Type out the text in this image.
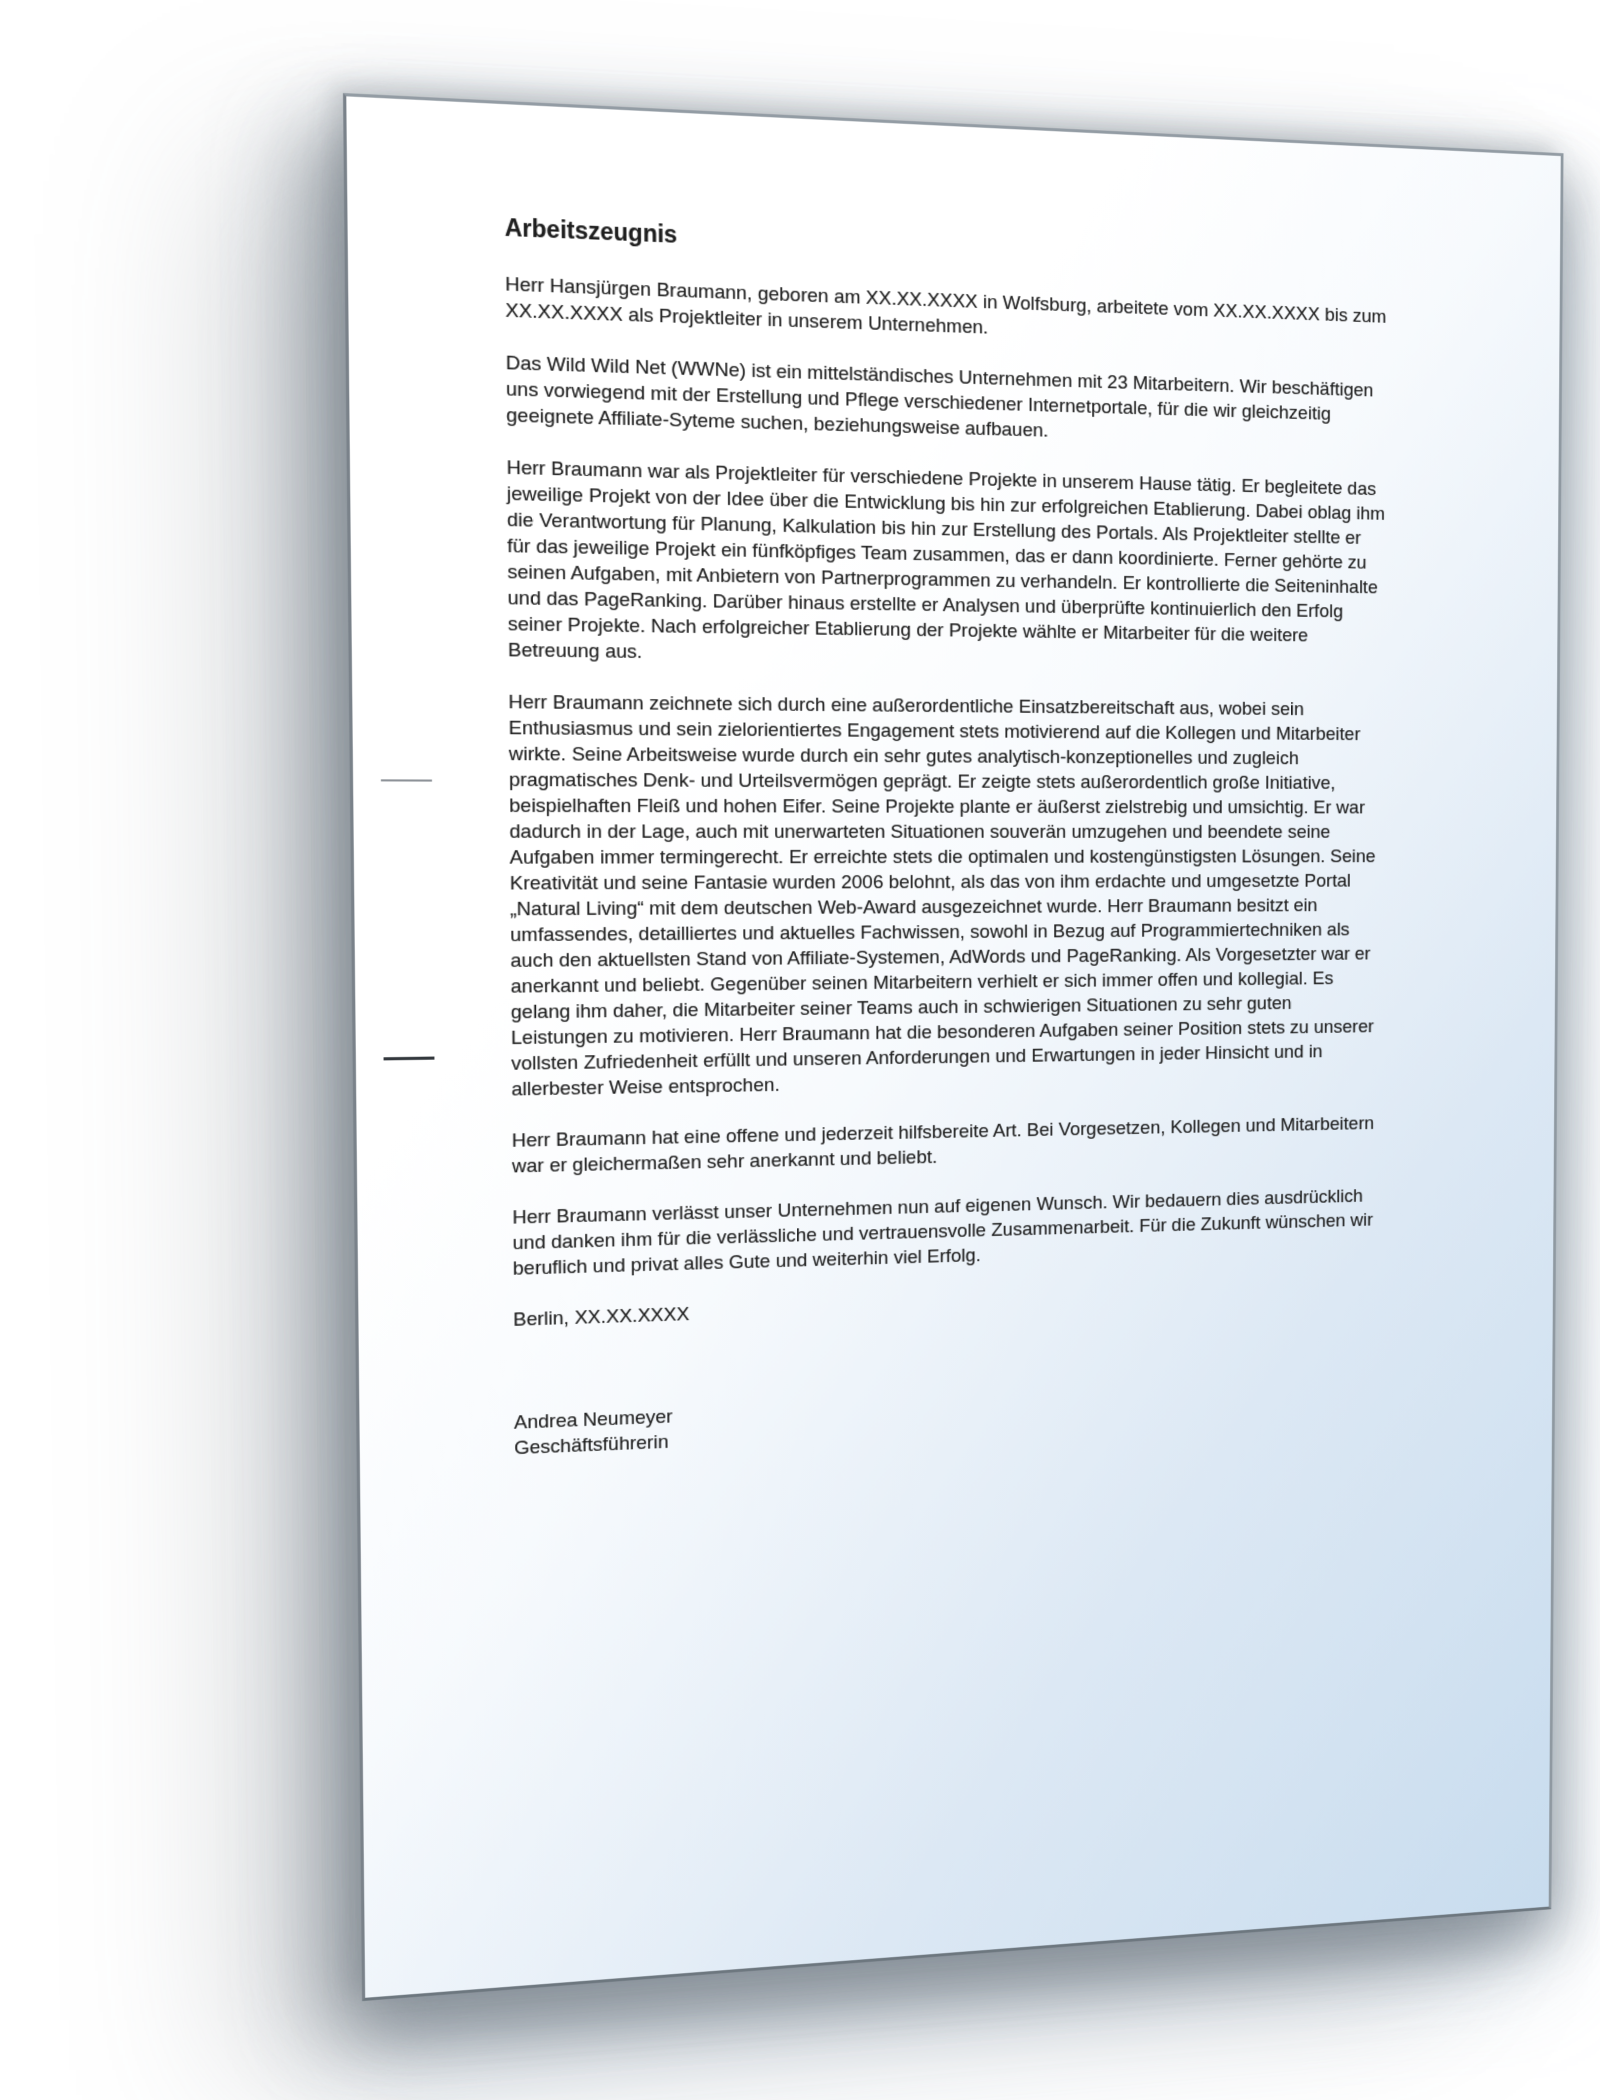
Arbeitszeugnis

Herr Hansjürgen Braumann, geboren am XX.XX.XXXX in Wolfsburg, arbeitete vom XX.XX.XXXX bis zum
XX.XX.XXXX als Projektleiter in unserem Unternehmen.

Das Wild Wild Net (WWNe) ist ein mittelständisches Unternehmen mit 23 Mitarbeitern. Wir beschäftigen
uns vorwiegend mit der Erstellung und Pflege verschiedener Internetportale, für die wir gleichzeitig
geeignete Affiliate-Syteme suchen, beziehungsweise aufbauen.

Herr Braumann war als Projektleiter für verschiedene Projekte in unserem Hause tätig. Er begleitete das
jeweilige Projekt von der Idee über die Entwicklung bis hin zur erfolgreichen Etablierung. Dabei oblag ihm
die Verantwortung für Planung, Kalkulation bis hin zur Erstellung des Portals. Als Projektleiter stellte er
für das jeweilige Projekt ein fünfköpfiges Team zusammen, das er dann koordinierte. Ferner gehörte zu
seinen Aufgaben, mit Anbietern von Partnerprogrammen zu verhandeln. Er kontrollierte die Seiteninhalte
und das PageRanking. Darüber hinaus erstellte er Analysen und überprüfte kontinuierlich den Erfolg
seiner Projekte. Nach erfolgreicher Etablierung der Projekte wählte er Mitarbeiter für die weitere
Betreuung aus.

Herr Braumann zeichnete sich durch eine außerordentliche Einsatzbereitschaft aus, wobei sein
Enthusiasmus und sein zielorientiertes Engagement stets motivierend auf die Kollegen und Mitarbeiter
wirkte. Seine Arbeitsweise wurde durch ein sehr gutes analytisch-konzeptionelles und zugleich
pragmatisches Denk- und Urteilsvermögen geprägt. Er zeigte stets außerordentlich große Initiative,
beispielhaften Fleiß und hohen Eifer. Seine Projekte plante er äußerst zielstrebig und umsichtig. Er war
dadurch in der Lage, auch mit unerwarteten Situationen souverän umzugehen und beendete seine
Aufgaben immer termingerecht. Er erreichte stets die optimalen und kostengünstigsten Lösungen. Seine
Kreativität und seine Fantasie wurden 2006 belohnt, als das von ihm erdachte und umgesetzte Portal
„Natural Living“ mit dem deutschen Web-Award ausgezeichnet wurde. Herr Braumann besitzt ein
umfassendes, detailliertes und aktuelles Fachwissen, sowohl in Bezug auf Programmiertechniken als
auch den aktuellsten Stand von Affiliate-Systemen, AdWords und PageRanking. Als Vorgesetzter war er
anerkannt und beliebt. Gegenüber seinen Mitarbeitern verhielt er sich immer offen und kollegial. Es
gelang ihm daher, die Mitarbeiter seiner Teams auch in schwierigen Situationen zu sehr guten
Leistungen zu motivieren. Herr Braumann hat die besonderen Aufgaben seiner Position stets zu unserer
vollsten Zufriedenheit erfüllt und unseren Anforderungen und Erwartungen in jeder Hinsicht und in
allerbester Weise entsprochen.

Herr Braumann hat eine offene und jederzeit hilfsbereite Art. Bei Vorgesetzen, Kollegen und Mitarbeitern
war er gleichermaßen sehr anerkannt und beliebt.

Herr Braumann verlässt unser Unternehmen nun auf eigenen Wunsch. Wir bedauern dies ausdrücklich
und danken ihm für die verlässliche und vertrauensvolle Zusammenarbeit. Für die Zukunft wünschen wir
beruflich und privat alles Gute und weiterhin viel Erfolg.

Berlin, XX.XX.XXXX

Andrea Neumeyer
Geschäftsführerin
